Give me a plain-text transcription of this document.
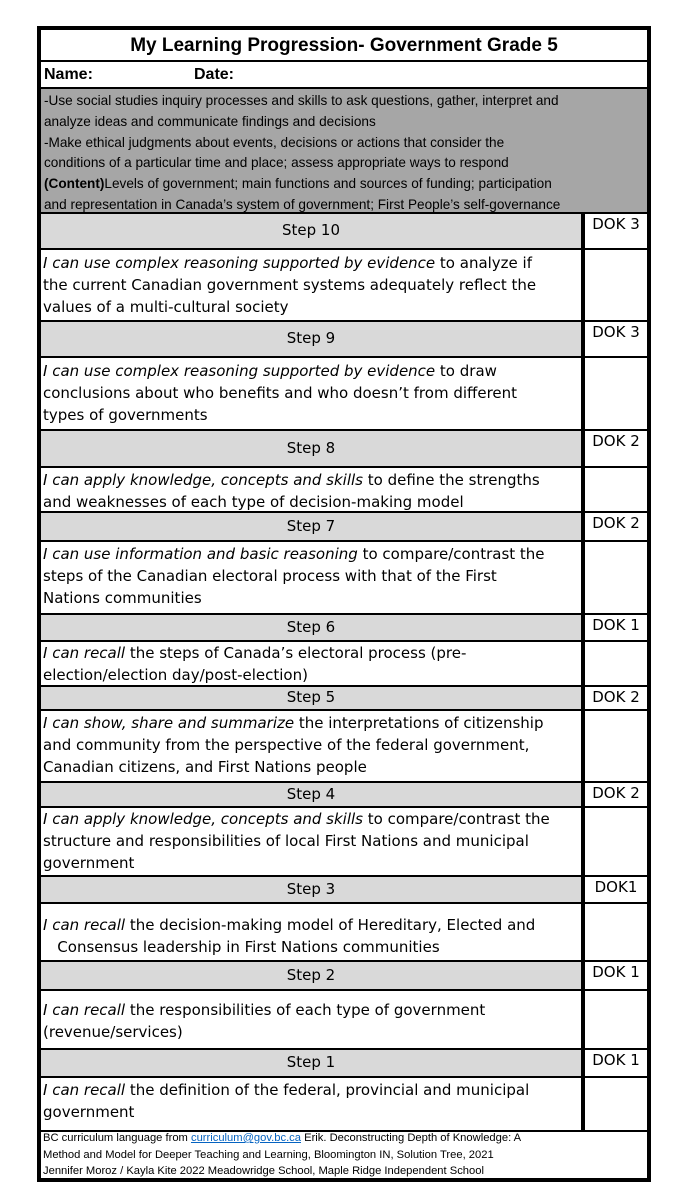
My Learning Progression- Government Grade 5
Name:	Date:
-Use social studies inquiry processes and skills to ask questions, gather, interpret and
analyze ideas and communicate findings and decisions
-Make ethical judgments about events, decisions or actions that consider the
conditions of a particular time and place; assess appropriate ways to respond
(Content)Levels of government; main functions and sources of funding; participation
and representation in Canada’s system of government; First People’s self-governance
Step 10	DOK 3
I can use complex reasoning supported by evidence to analyze if
the current Canadian government systems adequately reflect the
values of a multi-cultural society
Step 9	DOK 3
I can use complex reasoning supported by evidence to draw
conclusions about who benefits and who doesn’t from different
types of governments
Step 8	DOK 2
I can apply knowledge, concepts and skills to define the strengths
and weaknesses of each type of decision-making model
Step 7	DOK 2
I can use information and basic reasoning to compare/contrast the
steps of the Canadian electoral process with that of the First
Nations communities
Step 6	DOK 1
I can recall the steps of Canada’s electoral process (pre-
election/election day/post-election)
Step 5	DOK 2
I can show, share and summarize the interpretations of citizenship
and community from the perspective of the federal government,
Canadian citizens, and First Nations people
Step 4	DOK 2
I can apply knowledge, concepts and skills to compare/contrast the
structure and responsibilities of local First Nations and municipal
government
Step 3	DOK1
I can recall the decision-making model of Hereditary, Elected and
Consensus leadership in First Nations communities
Step 2	DOK 1
I can recall the responsibilities of each type of government
(revenue/services)
Step 1	DOK 1
I can recall the definition of the federal, provincial and municipal
government
BC curriculum language from curriculum@gov.bc.ca Erik. Deconstructing Depth of Knowledge: A
Method and Model for Deeper Teaching and Learning, Bloomington IN, Solution Tree, 2021
Jennifer Moroz / Kayla Kite 2022 Meadowridge School, Maple Ridge Independent School
